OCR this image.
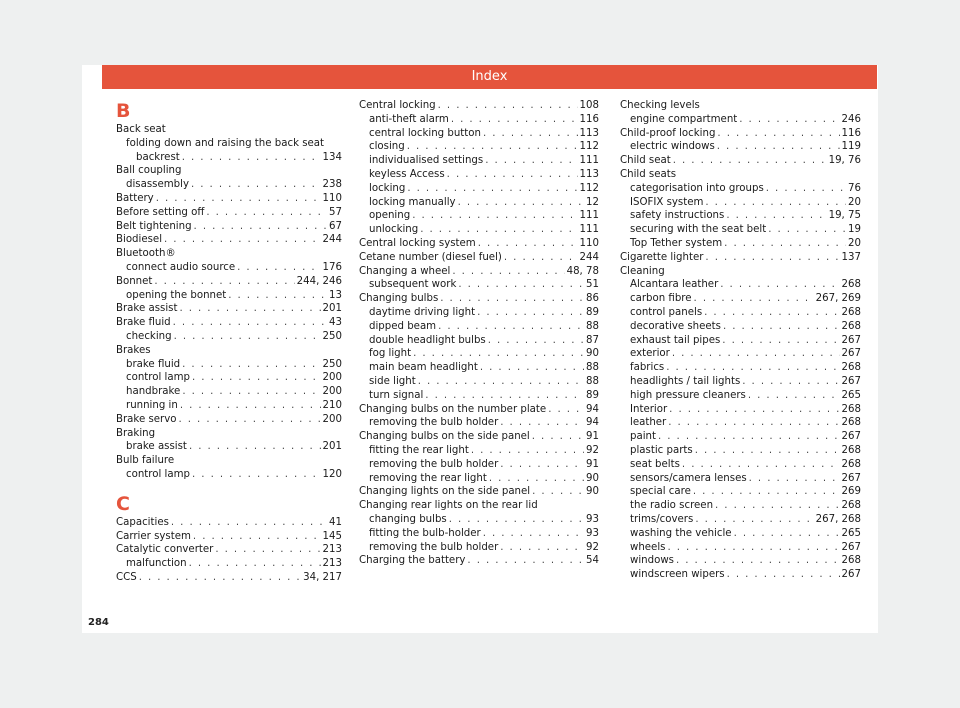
Index
B
Back seat
folding down and raising the back seat
backrest . . .	134
Ball coupling
disassembly . . .	238
Battery . . .	110
Before setting off . . .	57
Belt tightening . . .	67
Biodiesel . . .	244
Bluetooth®
connect audio source . . .	176
Bonnet . . .	244, 246
opening the bonnet . . .	13
Brake assist . . .	201
Brake fluid . . .	43
checking . . .	250
Brakes
brake fluid . . .	250
control lamp . . .	200
handbrake . . .	200
running in . . .	210
Brake servo . . .	200
Braking
brake assist . . .	201
Bulb failure
control lamp . . .	120
C
Capacities . . .	41
Carrier system . . .	145
Catalytic converter . . .	213
malfunction . . .	213
CCS . . .	34, 217
Central locking . . .	108
anti-theft alarm . . .	116
central locking button . . .	113
closing . . .	112
individualised settings . . .	111
keyless Access . . .	113
locking . . .	112
locking manually . . .	12
opening . . .	111
unlocking . . .	111
Central locking system . . .	110
Cetane number (diesel fuel) . . .	244
Changing a wheel . . .	48, 78
subsequent work . . .	51
Changing bulbs . . .	86
daytime driving light . . .	89
dipped beam . . .	88
double headlight bulbs . . .	87
fog light . . .	90
main beam headlight . . .	88
side light . . .	88
turn signal . . .	89
Changing bulbs on the number plate . . .	94
removing the bulb holder . . .	94
Changing bulbs on the side panel . . .	91
fitting the rear light . . .	92
removing the bulb holder . . .	91
removing the rear light . . .	90
Changing lights on the side panel . . .	90
Changing rear lights on the rear lid
changing bulbs . . .	93
fitting the bulb-holder . . .	93
removing the bulb holder . . .	92
Charging the battery . . .	54
Checking levels
engine compartment . . .	246
Child-proof locking . . .	116
electric windows . . .	119
Child seat . . .	19, 76
Child seats
categorisation into groups . . .	76
ISOFIX system . . .	20
safety instructions . . .	19, 75
securing with the seat belt . . .	19
Top Tether system . . .	20
Cigarette lighter . . .	137
Cleaning
Alcantara leather . . .	268
carbon fibre . . .	267, 269
control panels . . .	268
decorative sheets . . .	268
exhaust tail pipes . . .	267
exterior . . .	267
fabrics . . .	268
headlights / tail lights . . .	267
high pressure cleaners . . .	265
Interior . . .	268
leather . . .	268
paint . . .	267
plastic parts . . .	268
seat belts . . .	268
sensors/camera lenses . . .	267
special care . . .	269
the radio screen . . .	268
trims/covers . . .	267, 268
washing the vehicle . . .	265
wheels . . .	267
windows . . .	268
windscreen wipers . . .	267
284
